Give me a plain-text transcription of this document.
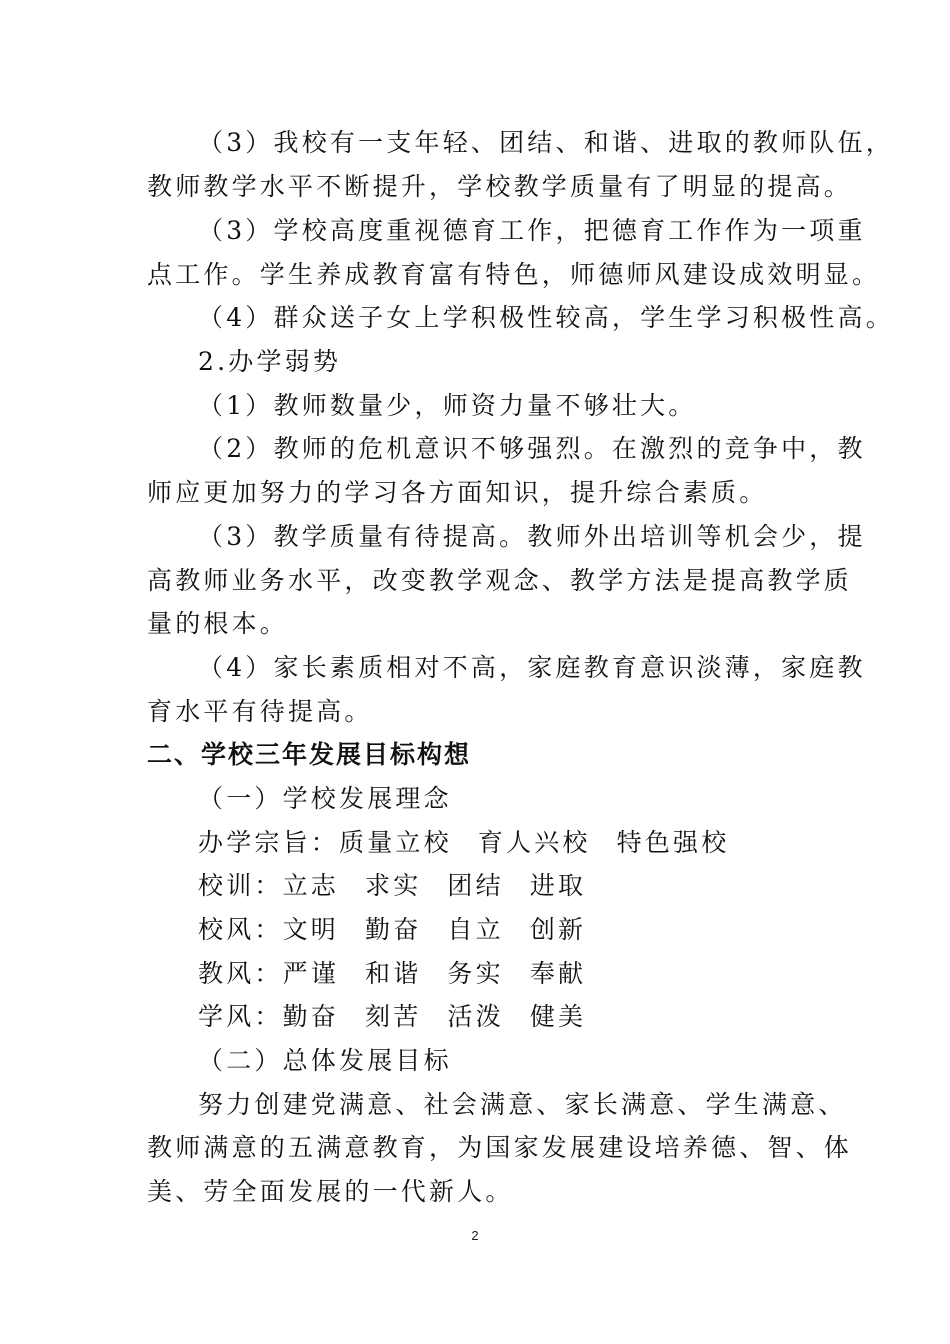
（3）我校有一支年轻、团结、和谐、进取的教师队伍，
教师教学水平不断提升，学校教学质量有了明显的提高。
（3）学校高度重视德育工作，把德育工作作为一项重
点工作。学生养成教育富有特色，师德师风建设成效明显。
（4）群众送子女上学积极性较高，学生学习积极性高。
2.办学弱势
（1）教师数量少，师资力量不够壮大。
（2）教师的危机意识不够强烈。在激烈的竞争中，教
师应更加努力的学习各方面知识，提升综合素质。
（3）教学质量有待提高。教师外出培训等机会少，提
高教师业务水平，改变教学观念、教学方法是提高教学质
量的根本。
（4）家长素质相对不高，家庭教育意识淡薄，家庭教
育水平有待提高。
二、学校三年发展目标构想
（一）学校发展理念
办学宗旨：质量立校 育人兴校 特色强校
校训：立志 求实 团结 进取
校风：文明 勤奋 自立 创新
教风：严谨 和谐 务实 奉献
学风：勤奋 刻苦 活泼 健美
（二）总体发展目标
努力创建党满意、社会满意、家长满意、学生满意、
教师满意的五满意教育，为国家发展建设培养德、智、体
美、劳全面发展的一代新人。
2
